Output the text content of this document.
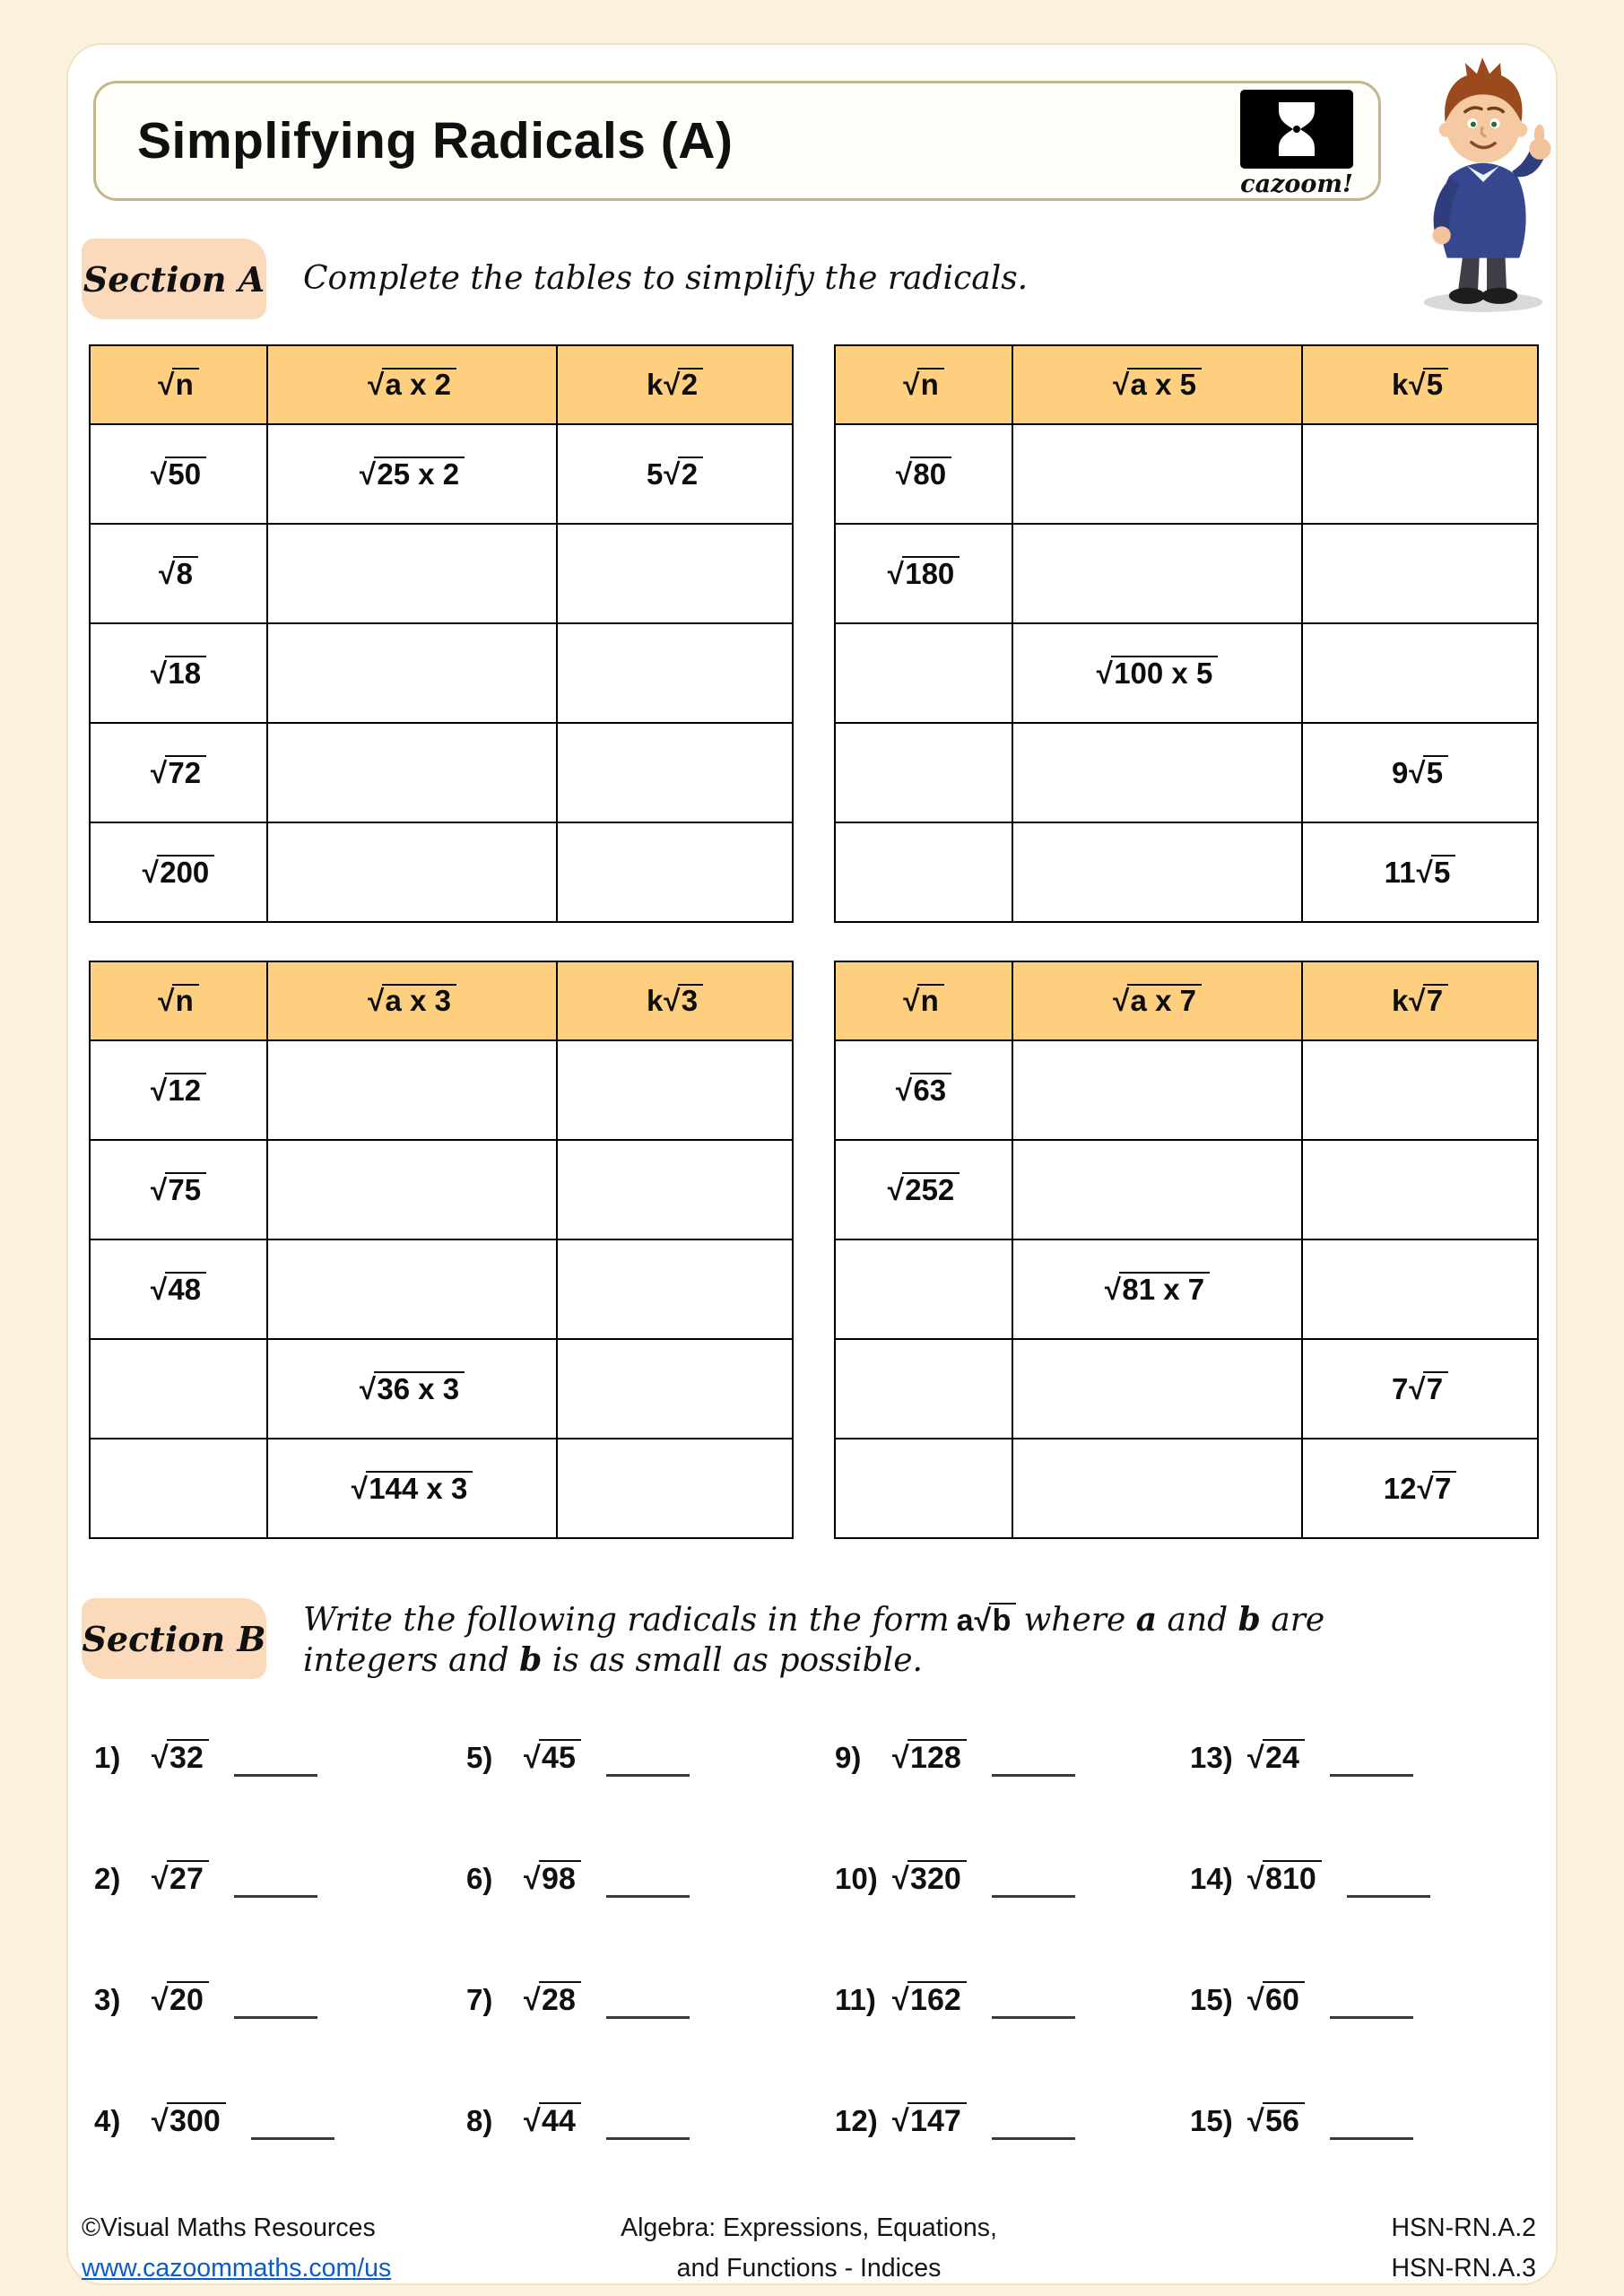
Simplifying Radicals (A)
cazoom!
Section A Complete the tables to simplify the radicals.
√n	√a x 2	k√2
√50	√25 x 2	5√2
√8		
√18		
√72		
√200		
√n	√a x 5	k√5
√80		
√180		
	√100 x 5	
		9√5
		11√5
√n	√a x 3	k√3
√12		
√75		
√48		
	√36 x 3	
	√144 x 3	
√n	√a x 7	k√7
√63		
√252		
	√81 x 7	
		7√7
		12√7
Section B Write the following radicals in the form a√b where a and b are
integers and b is as small as possible.
1)	√32
2)	√27
3)	√20
4)	√300
5)	√45
6)	√98
7)	√28
8)	√44
9)	√128
10) √320
11) √162
12) √147
13) √24
14) √810
15) √60
15) √56
©Visual Maths Resources
www.cazoommaths.com/us
Algebra: Expressions, Equations,
and Functions - Indices
HSN-RN.A.2
HSN-RN.A.3
